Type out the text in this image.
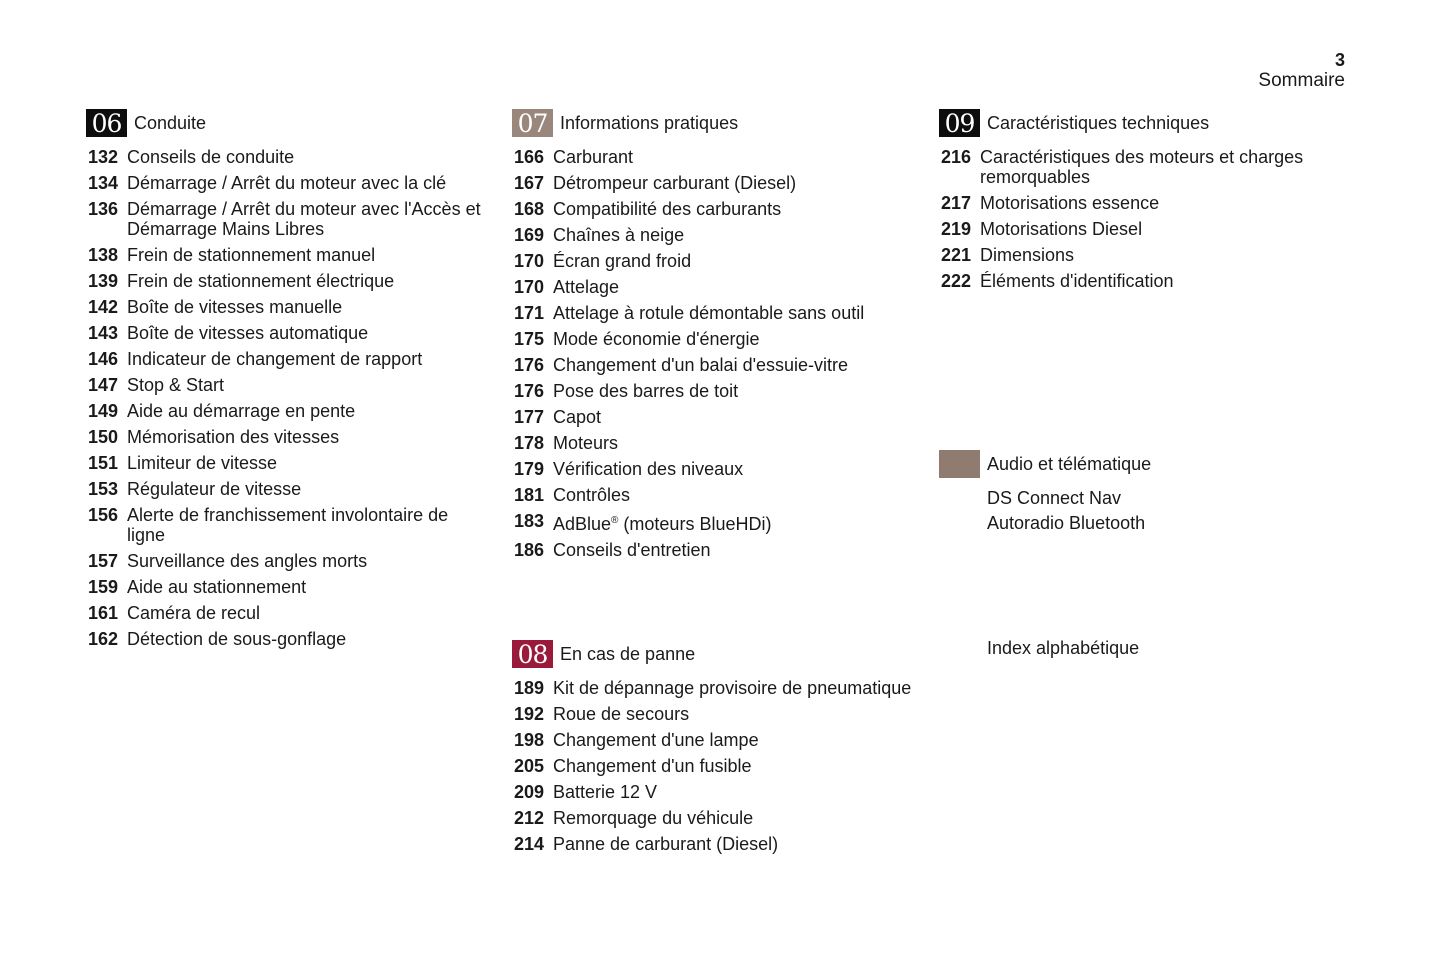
3
Sommaire
06 Conduite
132 Conseils de conduite
134 Démarrage / Arrêt du moteur avec la clé
136 Démarrage / Arrêt du moteur avec l'Accès et Démarrage Mains Libres
138 Frein de stationnement manuel
139 Frein de stationnement électrique
142 Boîte de vitesses manuelle
143 Boîte de vitesses automatique
146 Indicateur de changement de rapport
147 Stop & Start
149 Aide au démarrage en pente
150 Mémorisation des vitesses
151 Limiteur de vitesse
153 Régulateur de vitesse
156 Alerte de franchissement involontaire de ligne
157 Surveillance des angles morts
159 Aide au stationnement
161 Caméra de recul
162 Détection de sous-gonflage
07 Informations pratiques
166 Carburant
167 Détrompeur carburant (Diesel)
168 Compatibilité des carburants
169 Chaînes à neige
170 Écran grand froid
170 Attelage
171 Attelage à rotule démontable sans outil
175 Mode économie d'énergie
176 Changement d'un balai d'essuie-vitre
176 Pose des barres de toit
177 Capot
178 Moteurs
179 Vérification des niveaux
181 Contrôles
183 AdBlue® (moteurs BlueHDi)
186 Conseils d'entretien
08 En cas de panne
189 Kit de dépannage provisoire de pneumatique
192 Roue de secours
198 Changement d'une lampe
205 Changement d'un fusible
209 Batterie 12 V
212 Remorquage du véhicule
214 Panne de carburant (Diesel)
09 Caractéristiques techniques
216 Caractéristiques des moteurs et charges remorquables
217 Motorisations essence
219 Motorisations Diesel
221 Dimensions
222 Éléments d'identification
Audio et télématique
DS Connect Nav
Autoradio Bluetooth
Index alphabétique
